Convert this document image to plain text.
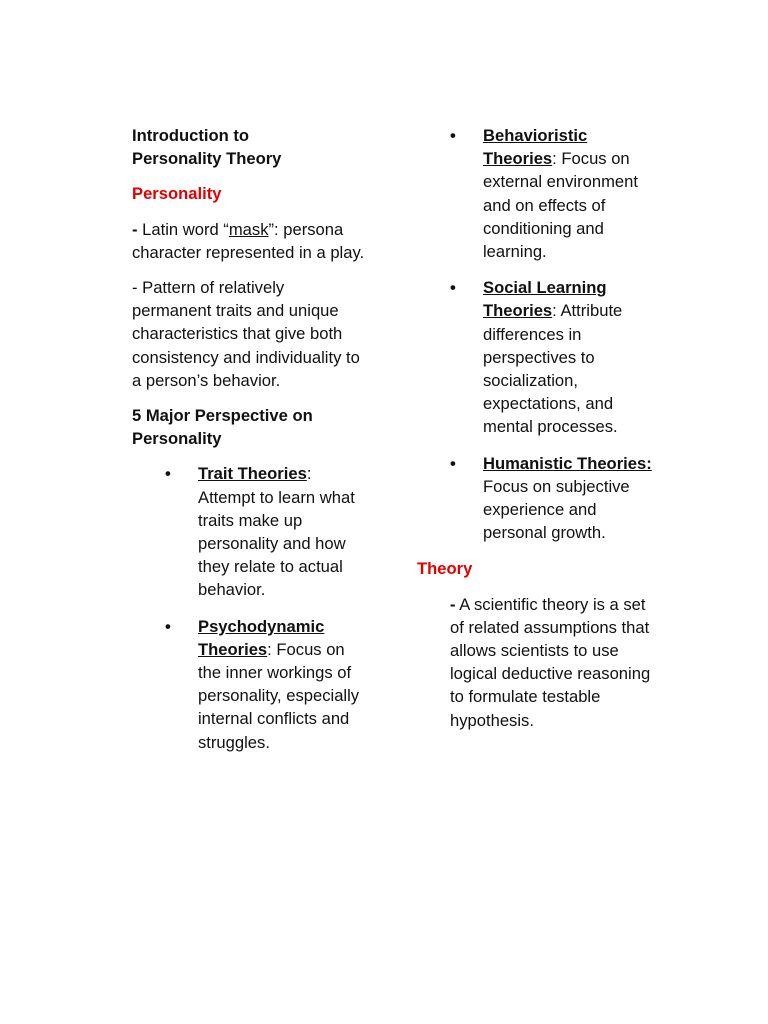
Introduction to
Personality Theory
Personality

- Latin word “mask”: persona character represented in a play.

- Pattern of relatively permanent traits and unique characteristics that give both consistency and individuality to a person’s behavior.

5 Major Perspective on Personality
• Trait Theories: Attempt to learn what traits make up personality and how they relate to actual behavior.
• Psychodynamic Theories: Focus on the inner workings of personality, especially internal conflicts and struggles.
• Behavioristic Theories: Focus on external environment and on effects of conditioning and learning.
• Social Learning Theories: Attribute differences in perspectives to socialization, expectations, and mental processes.
• Humanistic Theories: Focus on subjective experience and personal growth.
Theory

- A scientific theory is a set of related assumptions that allows scientists to use logical deductive reasoning to formulate testable hypothesis.
